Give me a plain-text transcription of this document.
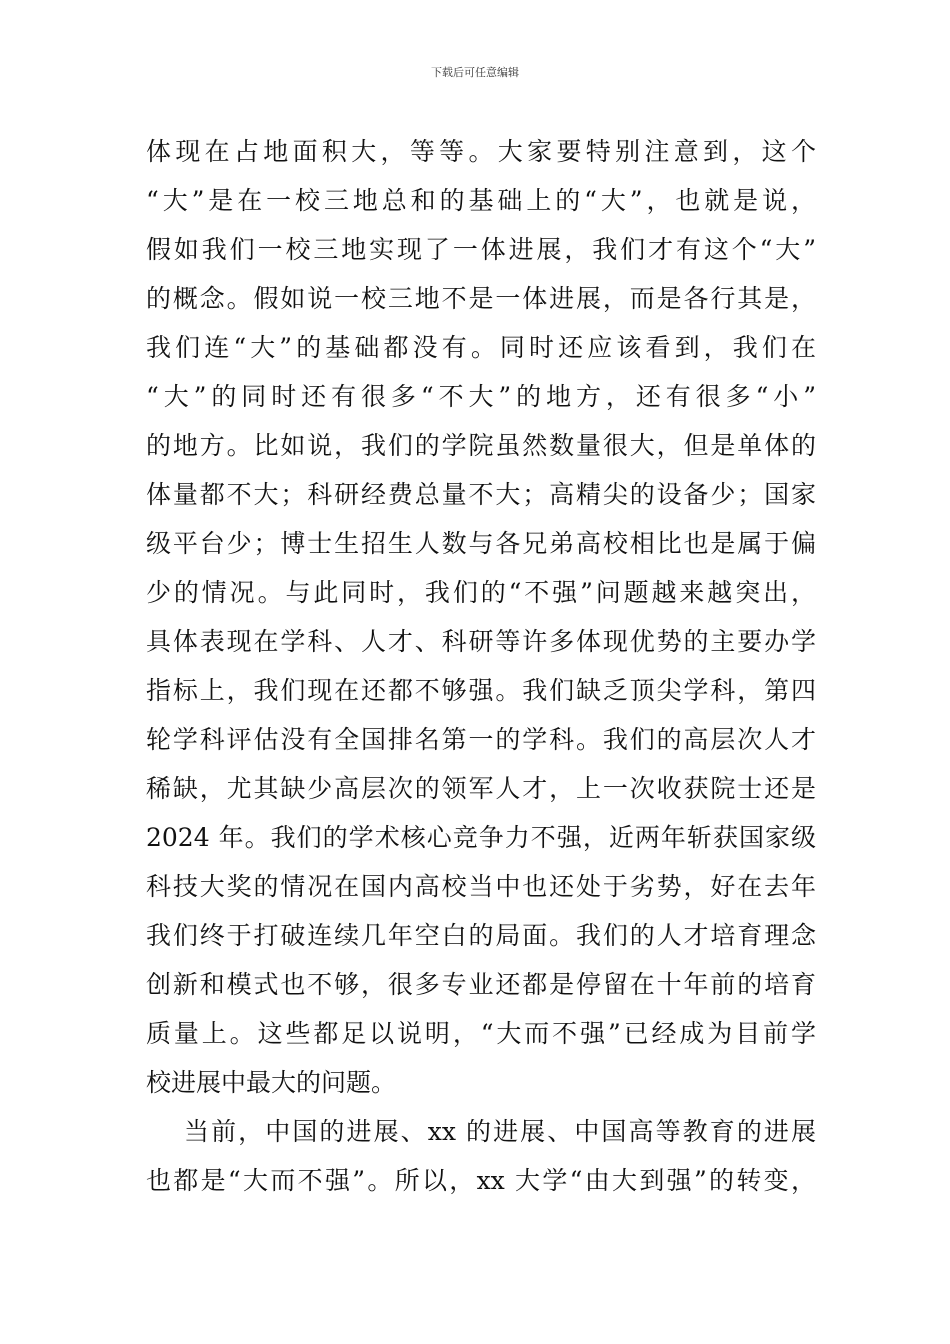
下载后可任意编辑
体现在占地面积大，等等。大家要特别注意到，这个
“大”是在一校三地总和的基础上的“大”，也就是说，
假如我们一校三地实现了一体进展，我们才有这个“大”
的概念。假如说一校三地不是一体进展，而是各行其是，
我们连“大”的基础都没有。同时还应该看到，我们在
“大”的同时还有很多“不大”的地方，还有很多“小”
的地方。比如说，我们的学院虽然数量很大，但是单体的
体量都不大；科研经费总量不大；高精尖的设备少；国家
级平台少；博士生招生人数与各兄弟高校相比也是属于偏
少的情况。与此同时，我们的“不强”问题越来越突出，
具体表现在学科、人才、科研等许多体现优势的主要办学
指标上，我们现在还都不够强。我们缺乏顶尖学科，第四
轮学科评估没有全国排名第一的学科。我们的高层次人才
稀缺，尤其缺少高层次的领军人才，上一次收获院士还是
2024 年。我们的学术核心竞争力不强，近两年斩获国家级
科技大奖的情况在国内高校当中也还处于劣势，好在去年
我们终于打破连续几年空白的局面。我们的人才培育理念
创新和模式也不够，很多专业还都是停留在十年前的培育
质量上。这些都足以说明，“大而不强”已经成为目前学
校进展中最大的问题。
当前，中国的进展、xx 的进展、中国高等教育的进展
也都是“大而不强”。所以，xx 大学“由大到强”的转变，
